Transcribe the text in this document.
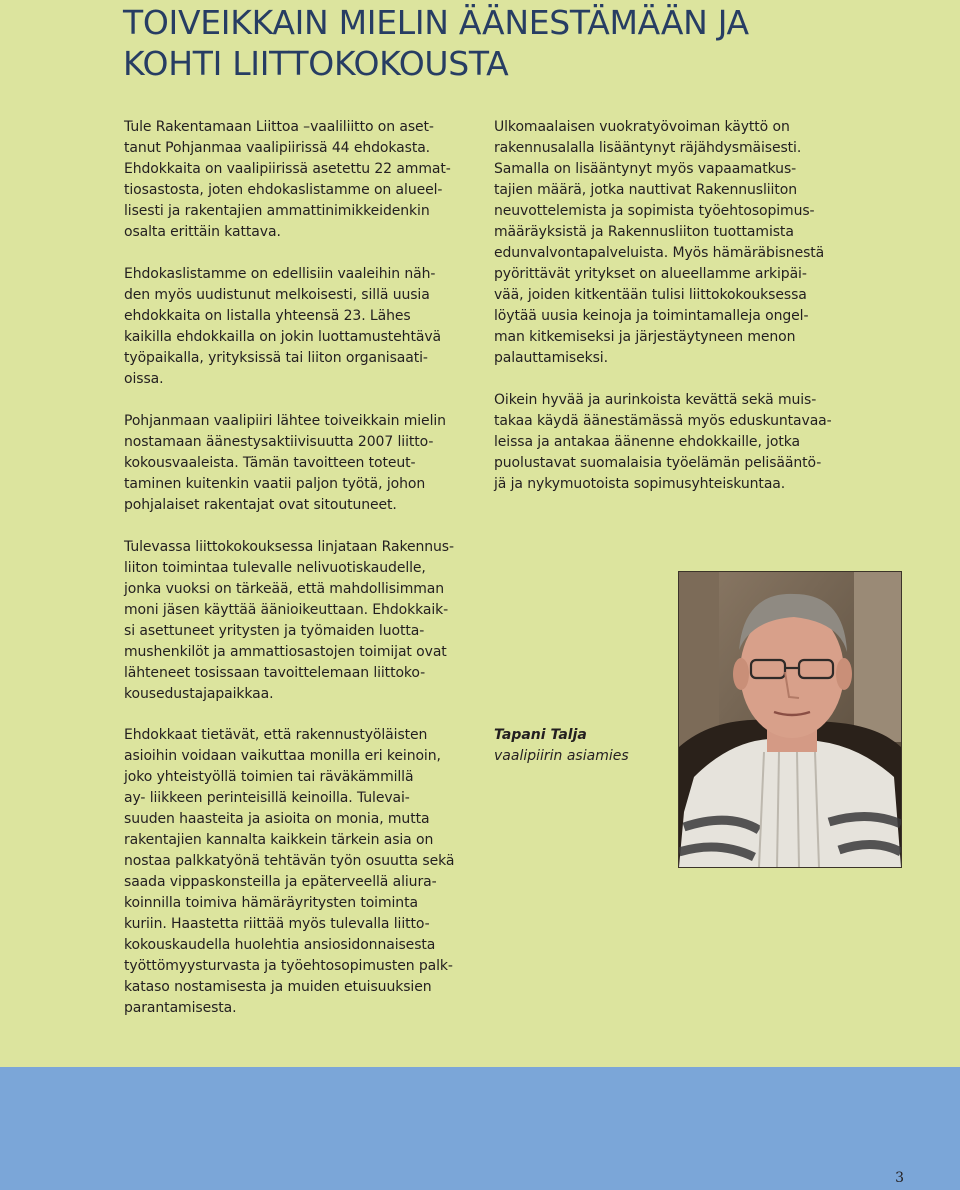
TOIVEIKKAIN MIELIN ÄÄNESTÄMÄÄN JA
KOHTI LIITTOKOKOUSTA

Tule Rakentamaan Liittoa –vaaliliitto on aset-
tanut Pohjanmaa vaalipiirissä 44 ehdokasta.
Ehdokkaita on vaalipiirissä asetettu 22 ammat-
tiosastosta, joten ehdokaslistamme on alueel-
lisesti ja rakentajien ammattinimikkeidenkin
osalta erittäin kattava.

Ehdokaslistamme on edellisiin vaaleihin näh-
den myös uudistunut melkoisesti, sillä uusia
ehdokkaita on listalla yhteensä 23. Lähes
kaikilla ehdokkailla on jokin luottamustehtävä
työpaikalla, yrityksissä tai liiton organisaati-
oissa.

Pohjanmaan vaalipiiri lähtee toiveikkain mielin
nostamaan äänestysaktiivisuutta 2007 liitto-
kokousvaaleista. Tämän tavoitteen toteut-
taminen kuitenkin vaatii paljon työtä, johon
pohjalaiset rakentajat ovat sitoutuneet.

Ulkomaalaisen vuokratyövoiman käyttö on
rakennusalalla lisääntynyt räjähdysmäisesti.
Samalla on lisääntynyt myös vapaamatkus-
tajien määrä, jotka nauttivat Rakennusliiton
neuvottelemista ja sopimista työehtosopimus-
määräyksistä ja Rakennusliiton tuottamista
edunvalvontapalveluista. Myös hämäräbisnestä
pyörittävät yritykset on alueellamme arkipäi-
vää, joiden kitkentään tulisi liittokokouksessa
löytää uusia keinoja ja toimintamalleja ongel-
man kitkemiseksi ja järjestäytyneen menon
palauttamiseksi.

Oikein hyvää ja aurinkoista kevättä sekä muis-
takaa käydä äänestämässä myös eduskuntavaa-
leissa ja antakaa äänenne ehdokkaille, jotka
puolustavat suomalaisia työelämän pelisääntö-
jä ja nykymuotoista sopimusyhteiskuntaa.

Tulevassa liittokokouksessa linjataan Rakennus-
liiton toimintaa tulevalle nelivuotiskaudelle,
jonka vuoksi on tärkeää, että mahdollisimman
moni jäsen käyttää äänioikeuttaan. Ehdokkaik-
si asettuneet yritysten ja työmaiden luotta-
mushenkilöt ja ammattiosastojen toimijat ovat
lähteneet tosissaan tavoittelemaan liittoko-
kousedustajapaikkaa.

Ehdokkaat tietävät, että rakennustyöläisten
asioihin voidaan vaikuttaa monilla eri keinoin,
joko yhteistyöllä toimien tai räväkämmillä
ay- liikkeen perinteisillä keinoilla. Tulevai-
suuden haasteita ja asioita on monia, mutta
rakentajien kannalta kaikkein tärkein asia on
nostaa palkkatyönä tehtävän työn osuutta sekä
saada vippaskonsteilla ja epäterveellä aliura-
koinnilla toimiva hämäräyritysten toiminta
kuriin. Haastetta riittää myös tulevalla liitto-
kokouskaudella huolehtia ansiosidonnaisesta
työttömyysturvasta ja työehtosopimusten palk-
kataso nostamisesta ja muiden etuisuuksien
parantamisesta.

Tapani Talja
vaalipiirin asiamies
3
